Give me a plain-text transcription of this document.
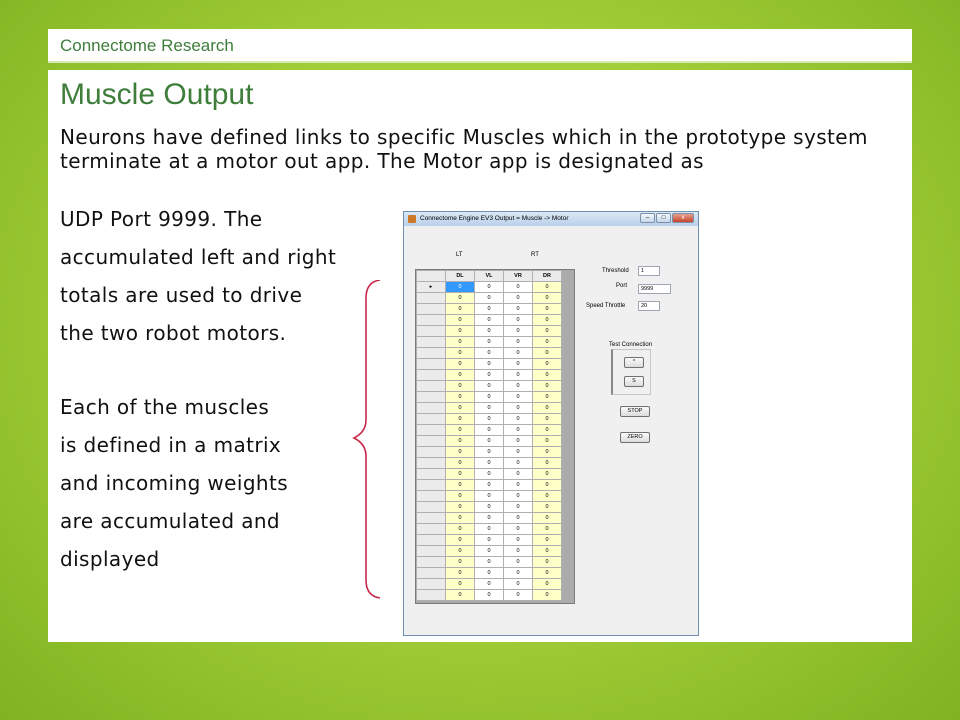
Connectome Research
Muscle Output
Neurons have defined links to specific Muscles which in the prototype system terminate at a motor out app. The Motor app is designated as
UDP Port 9999. The
accumulated left and right
totals are used to drive
the two robot motors.
Each of the muscles
is defined in a matrix
and incoming weights
are accumulated and
displayed
Connectome Engine EV3 Output = Muscle -> Motor	–	□	x
LT	RT
	DL	VL	VR	DR
▸	0	0	0	0
	0	0	0	0
	0	0	0	0
	0	0	0	0
	0	0	0	0
	0	0	0	0
	0	0	0	0
	0	0	0	0
	0	0	0	0
	0	0	0	0
	0	0	0	0
	0	0	0	0
	0	0	0	0
	0	0	0	0
	0	0	0	0
	0	0	0	0
	0	0	0	0
	0	0	0	0
	0	0	0	0
	0	0	0	0
	0	0	0	0
	0	0	0	0
	0	0	0	0
	0	0	0	0
	0	0	0	0
	0	0	0	0
	0	0	0	0
	0	0	0	0
	0	0	0	0
Threshold	1
Port	9999
Speed Throttle	20
Test Connection
^
S
STOP
ZERO
